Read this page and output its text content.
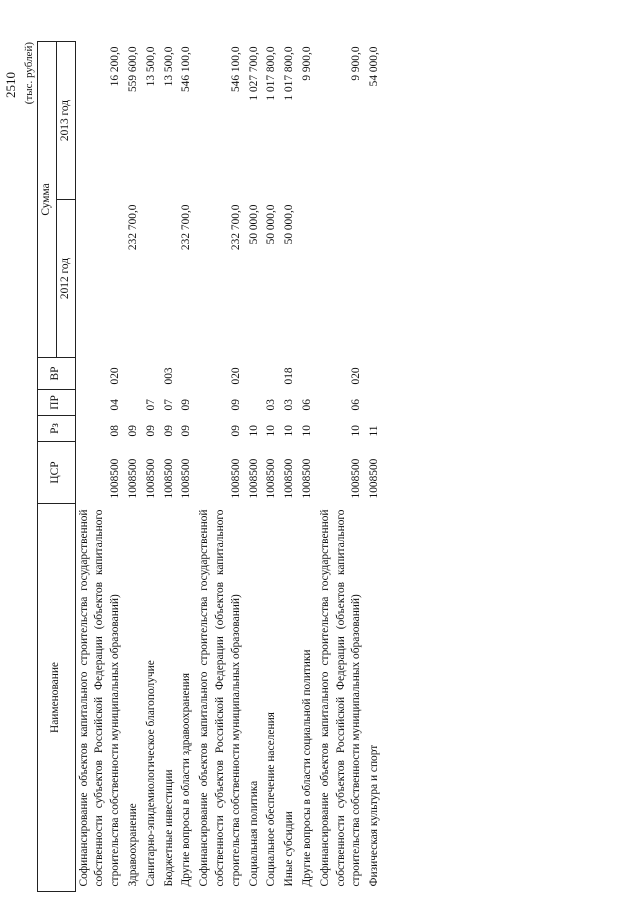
2510 (тыс. рублей)
Наименование	ЦСР	Рз	ПР	ВР	Сумма	
					2012 год	2013 год
Софинансирование объектов капитального строительства государственной собственности субъектов Российской Федерации (объектов капитального строительства собственности муниципальных образований)	1008500	08	04	020		16 200,0
Здравоохранение	1008500	09			232 700,0	559 600,0
Санитарно-эпидемиологическое благополучие	1008500	09	07			13 500,0
Бюджетные инвестиции	1008500	09	07	003		13 500,0
Другие вопросы в области здравоохранения	1008500	09	09		232 700,0	546 100,0
Софинансирование объектов капитального строительства государственной собственности субъектов Российской Федерации (объектов капитального строительства собственности муниципальных образований)	1008500	09	09	020	232 700,0	546 100,0
Социальная политика	1008500	10			50 000,0	1 027 700,0
Социальное обеспечение населения	1008500	10	03		50 000,0	1 017 800,0
Иные субсидии	1008500	10	03	018	50 000,0	1 017 800,0
Другие вопросы в области социальной политики	1008500	10	06			9 900,0
Софинансирование объектов капитального строительства государственной собственности субъектов Российской Федерации (объектов капитального строительства собственности муниципальных образований)	1008500	10	06	020		9 900,0
Физическая культура и спорт	1008500	11				54 000,0
